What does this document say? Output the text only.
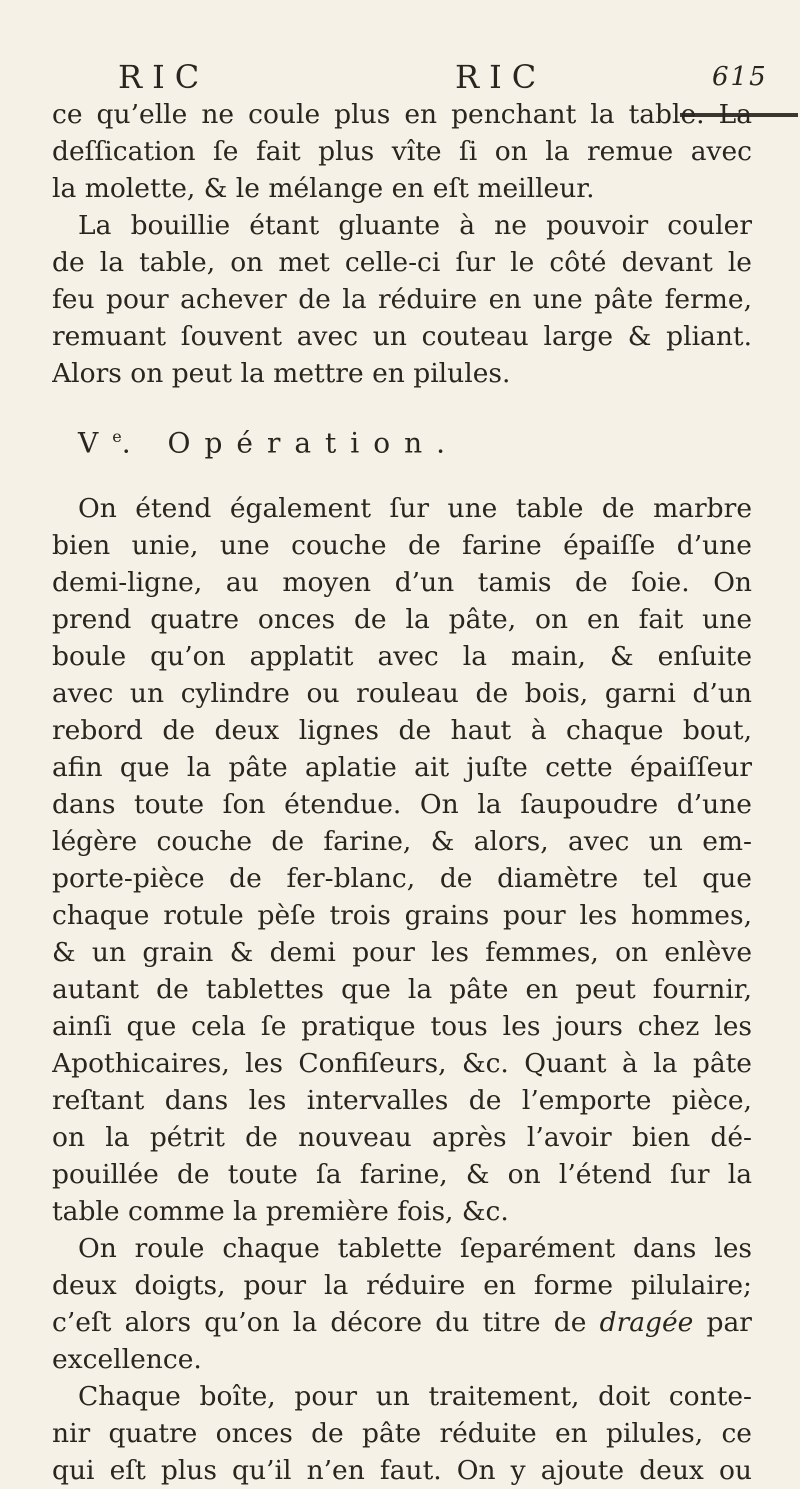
RIC	RIC	615
ce qu’elle ne coule plus en penchant la table. La
deſſication ſe fait plus vîte ſi on la remue avec
la molette, & le mélange en eſt meilleur.
La bouillie étant gluante à ne pouvoir couler
de la table, on met celle-ci ſur le côté devant le
feu pour achever de la réduire en une pâte ferme,
remuant ſouvent avec un couteau large & pliant.
Alors on peut la mettre en pilules.
Ve. Opération.
On étend également ſur une table de marbre
bien unie, une couche de farine épaiſſe d’une
demi-ligne, au moyen d’un tamis de ſoie. On
prend quatre onces de la pâte, on en fait une
boule qu’on applatit avec la main, & enſuite
avec un cylindre ou rouleau de bois, garni d’un
rebord de deux lignes de haut à chaque bout,
afin que la pâte aplatie ait juſte cette épaiſſeur
dans toute ſon étendue. On la ſaupoudre d’une
légère couche de farine, & alors, avec un em-
porte-pièce de fer-blanc, de diamètre tel que
chaque rotule pèſe trois grains pour les hommes,
& un grain & demi pour les femmes, on enlève
autant de tablettes que la pâte en peut fournir,
ainſi que cela ſe pratique tous les jours chez les
Apothicaires, les Confiſeurs, &c. Quant à la pâte
reſtant dans les intervalles de l’emporte pièce,
on la pétrit de nouveau après l’avoir bien dé-
pouillée de toute ſa farine, & on l’étend ſur la
table comme la première fois, &c.
On roule chaque tablette ſeparément dans les
deux doigts, pour la réduire en forme pilulaire;
c’eſt alors qu’on la décore du titre de dragée par
excellence.
Chaque boîte, pour un traitement, doit conte-
nir quatre onces de pâte réduite en pilules, ce
qui eſt plus qu’il n’en faut. On y ajoute deux ou
